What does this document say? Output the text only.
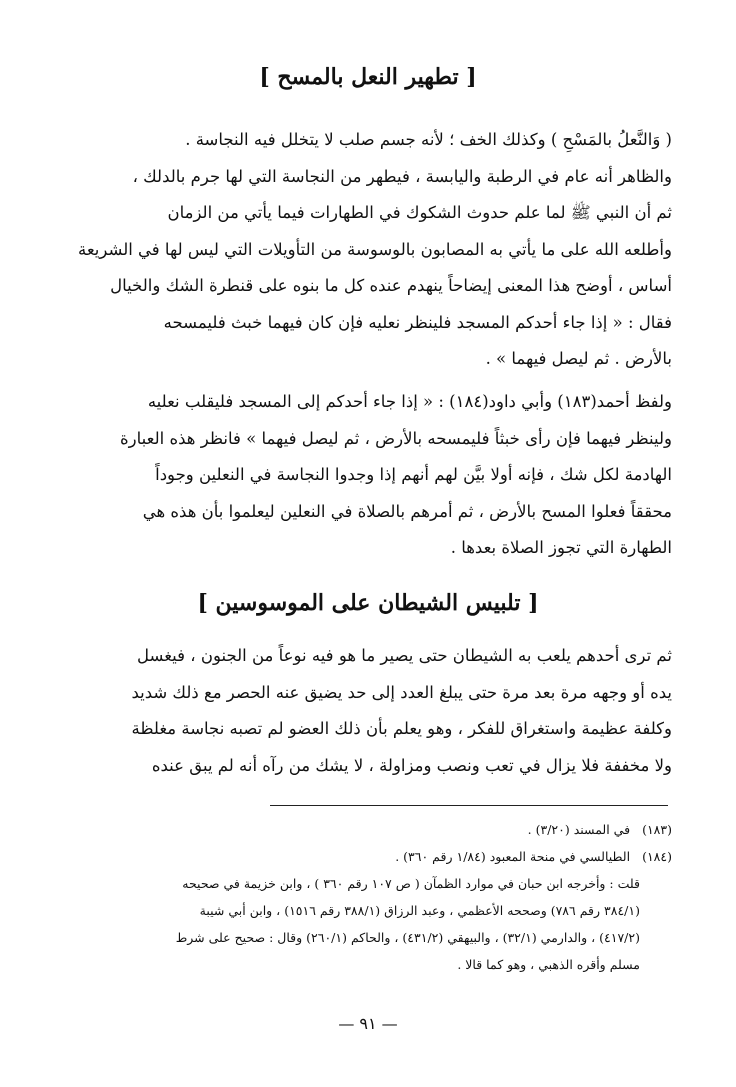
[ تطهير النعل بالمسح ]
( وَالنَّعلُ بالمَسْحِ ) وكذلك الخف ؛ لأنه جسم صلب لا يتخلل فيه النجاسة .
والظاهر أنه عام في الرطبة واليابسة ، فيطهر من النجاسة التي لها جرم بالدلك ،
ثم أن النبي ﷺ لما علم حدوث الشكوك في الطهارات فيما يأتي من الزمان
وأطلعه الله على ما يأتي به المصابون بالوسوسة من التأويلات التي ليس لها في الشريعة
أساس ، أوضح هذا المعنى إيضاحاً ينهدم عنده كل ما بنوه على قنطرة الشك والخيال
فقال : « إذا جاء أحدكم المسجد فلينظر نعليه فإن كان فيهما خبث فليمسحه
بالأرض . ثم ليصل فيهما » .
ولفظ أحمد(١٨٣) وأبي داود(١٨٤) : « إذا جاء أحدكم إلى المسجد فليقلب نعليه
ولينظر فيهما فإن رأى خبثاً فليمسحه بالأرض ، ثم ليصل فيهما » فانظر هذه العبارة
الهادمة لكل شك ، فإنه أولا بيَّن لهم أنهم إذا وجدوا النجاسة في النعلين وجوداً
محققاً فعلوا المسح بالأرض ، ثم أمرهم بالصلاة في النعلين ليعلموا بأن هذه هي
الطهارة التي تجوز الصلاة بعدها .
[ تلبيس الشيطان على الموسوسين ]
ثم ترى أحدهم يلعب به الشيطان حتى يصير ما هو فيه نوعاً من الجنون ، فيغسل
يده أو وجهه مرة بعد مرة حتى يبلغ العدد إلى حد يضيق عنه الحصر مع ذلك شديد
وكلفة عظيمة واستغراق للفكر ، وهو يعلم بأن ذلك العضو لم تصبه نجاسة مغلظة
ولا مخففة فلا يزال في تعب ونصب ومزاولة ، لا يشك من رآه أنه لم يبق عنده
(١٨٣) في المسند (٣/٢٠) .
(١٨٤) الطيالسي في منحة المعبود (١/٨٤ رقم ٣٦٠) .
قلت : وأخرجه ابن حبان في موارد الظمآن ( ص ١٠٧ رقم ٣٦٠ ) ، وابن خزيمة في صحيحه
(٣٨٤/١ رقم ٧٨٦) وصححه الأعظمي ، وعبد الرزاق (٣٨٨/١ رقم ١٥١٦) ، وابن أبي شيبة
(٤١٧/٢) ، والدارمي (٣٢/١) ، والبيهقي (٤٣١/٢) ، والحاكم (٢٦٠/١) وقال : صحيح على شرط
مسلم وأقره الذهبي ، وهو كما قالا .
— ٩١ —
